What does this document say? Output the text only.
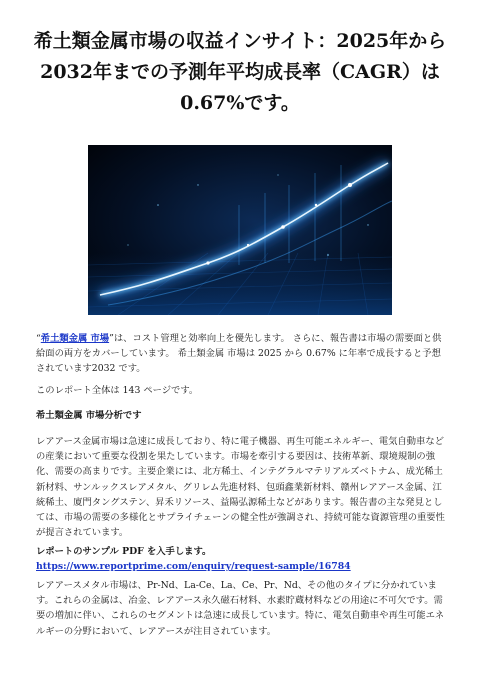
希土類金属市場の収益インサイト：2025年から2032年までの予測年平均成長率（CAGR）は 0.67%です。

“希土類金属 市場”は、コスト管理と効率向上を優先します。 さらに、報告書は市場の需要面と供給面の両方をカバーしています。 希土類金属 市場は 2025 から 0.67% に年率で成長すると予想されています2032 です。

このレポート全体は 143 ページです。

希土類金属 市場分析です

レアアース金属市場は急速に成長しており、特に電子機器、再生可能エネルギー、電気自動車などの産業において重要な役割を果たしています。市場を牽引する要因は、技術革新、環境規制の強化、需要の高まりです。主要企業には、北方稀土、インテグラルマテリアルズベトナム、成光稀土新材料、サンルックスレアメタル、グリレム先進材料、包頭鑫業新材料、赣州レアアース金属、江統稀土、廈門タングステン、昇禾リソース、益陽弘源稀土などがあります。報告書の主な発見としては、市場の需要の多様化とサプライチェーンの健全性が強調され、持続可能な資源管理の重要性が提言されています。

レポートのサンプル PDF を入手します。 https://www.reportprime.com/enquiry/request-sample/16784

レアアースメタル市場は、Pr-Nd、La-Ce、La、Ce、Pr、Nd、その他のタイプに分かれています。これらの金属は、冶金、レアアース永久磁石材料、水素貯蔵材料などの用途に不可欠です。需要の増加に伴い、これらのセグメントは急速に成長しています。特に、電気自動車や再生可能エネルギーの分野において、レアアースが注目されています。
